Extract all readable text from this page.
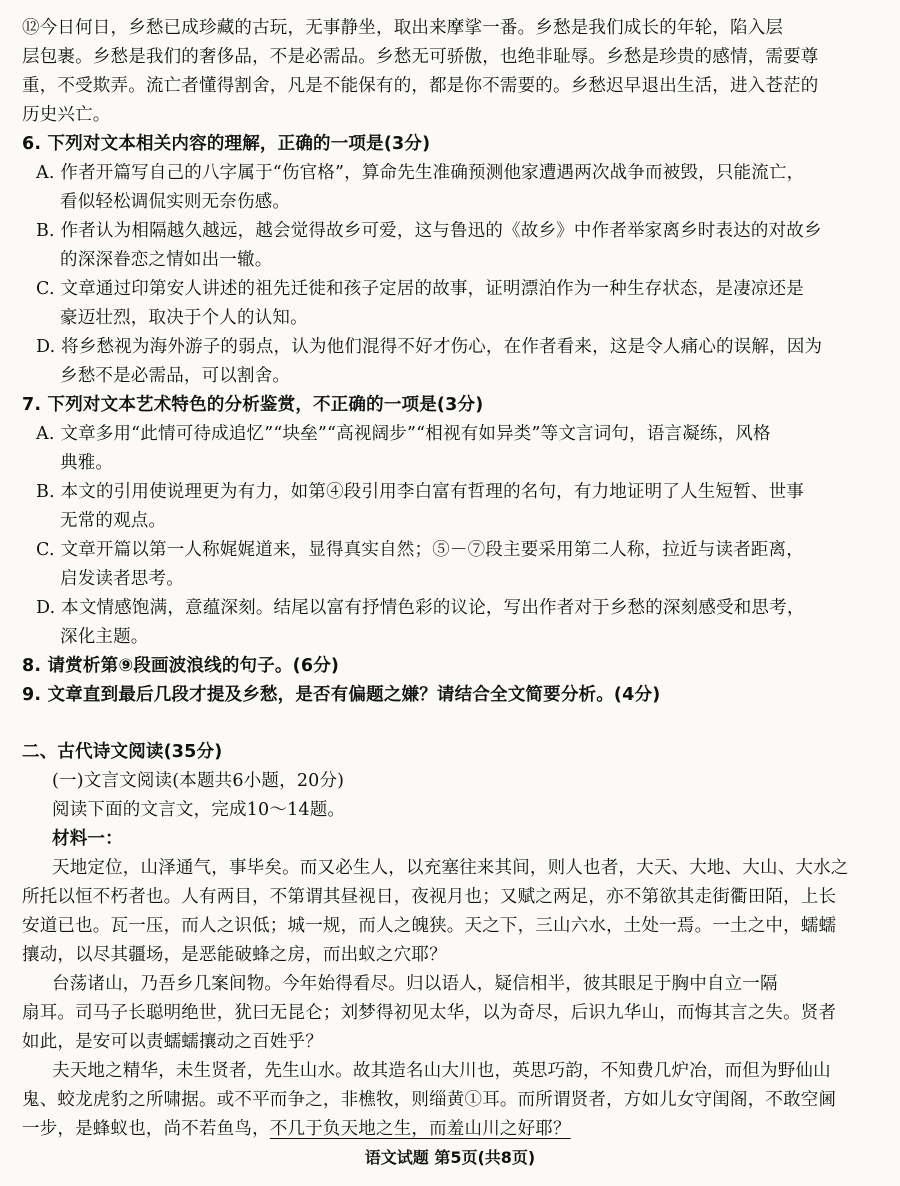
⑫今日何日，乡愁已成珍藏的古玩，无事静坐，取出来摩挲一番。乡愁是我们成长的年轮，陷入层
层包裹。乡愁是我们的奢侈品，不是必需品。乡愁无可骄傲，也绝非耻辱。乡愁是珍贵的感情，需要尊
重，不受欺弄。流亡者懂得割舍，凡是不能保有的，都是你不需要的。乡愁迟早退出生活，进入苍茫的
历史兴亡。
6. 下列对文本相关内容的理解，正确的一项是(3分)
A. 作者开篇写自己的八字属于“伤官格”，算命先生准确预测他家遭遇两次战争而被毁，只能流亡，
看似轻松调侃实则无奈伤感。
B. 作者认为相隔越久越远，越会觉得故乡可爱，这与鲁迅的《故乡》中作者举家离乡时表达的对故乡
的深深眷恋之情如出一辙。
C. 文章通过印第安人讲述的祖先迁徙和孩子定居的故事，证明漂泊作为一种生存状态，是凄凉还是
豪迈壮烈，取决于个人的认知。
D. 将乡愁视为海外游子的弱点，认为他们混得不好才伤心，在作者看来，这是令人痛心的误解，因为
乡愁不是必需品，可以割舍。
7. 下列对文本艺术特色的分析鉴赏，不正确的一项是(3分)
A. 文章多用“此情可待成追忆”“块垒”“高视阔步”“相视有如异类”等文言词句，语言凝练，风格
典雅。
B. 本文的引用使说理更为有力，如第④段引用李白富有哲理的名句，有力地证明了人生短暂、世事
无常的观点。
C. 文章开篇以第一人称娓娓道来，显得真实自然；⑤－⑦段主要采用第二人称，拉近与读者距离，
启发读者思考。
D. 本文情感饱满，意蕴深刻。结尾以富有抒情色彩的议论，写出作者对于乡愁的深刻感受和思考，
深化主题。
8. 请赏析第⑨段画波浪线的句子。(6分)
9. 文章直到最后几段才提及乡愁，是否有偏题之嫌？请结合全文简要分析。(4分)
二、古代诗文阅读(35分)
(一)文言文阅读(本题共6小题，20分)
阅读下面的文言文，完成10～14题。
材料一：
天地定位，山泽通气，事毕矣。而又必生人，以充塞往来其间，则人也者，大天、大地、大山、大水之
所托以恒不朽者也。人有两目，不第谓其昼视日，夜视月也；又赋之两足，亦不第欲其走街衢田陌，上长
安道已也。瓦一压，而人之识低；城一规，而人之魄狭。天之下，三山六水，土处一焉。一土之中，蠕蠕
攘动，以尽其疆场，是恶能破蜂之房，而出蚁之穴耶？
台荡诸山，乃吾乡几案间物。今年始得看尽。归以语人，疑信相半，彼其眼足于胸中自立一隔
扇耳。司马子长聪明绝世，犹曰无昆仑；刘梦得初见太华，以为奇尽，后识九华山，而悔其言之失。贤者
如此，是安可以责蠕蠕攘动之百姓乎？
夫天地之精华，未生贤者，先生山水。故其造名山大川也，英思巧韵，不知费几炉冶，而但为野仙山
鬼、蛟龙虎豹之所啸据。或不平而争之，非樵牧，则缁黄①耳。而所谓贤者，方如儿女守闺阁，不敢空阃
一步，是蜂蚁也，尚不若鱼鸟，不几于负天地之生，而羞山川之好耶？
语文试题 第5页(共8页)
